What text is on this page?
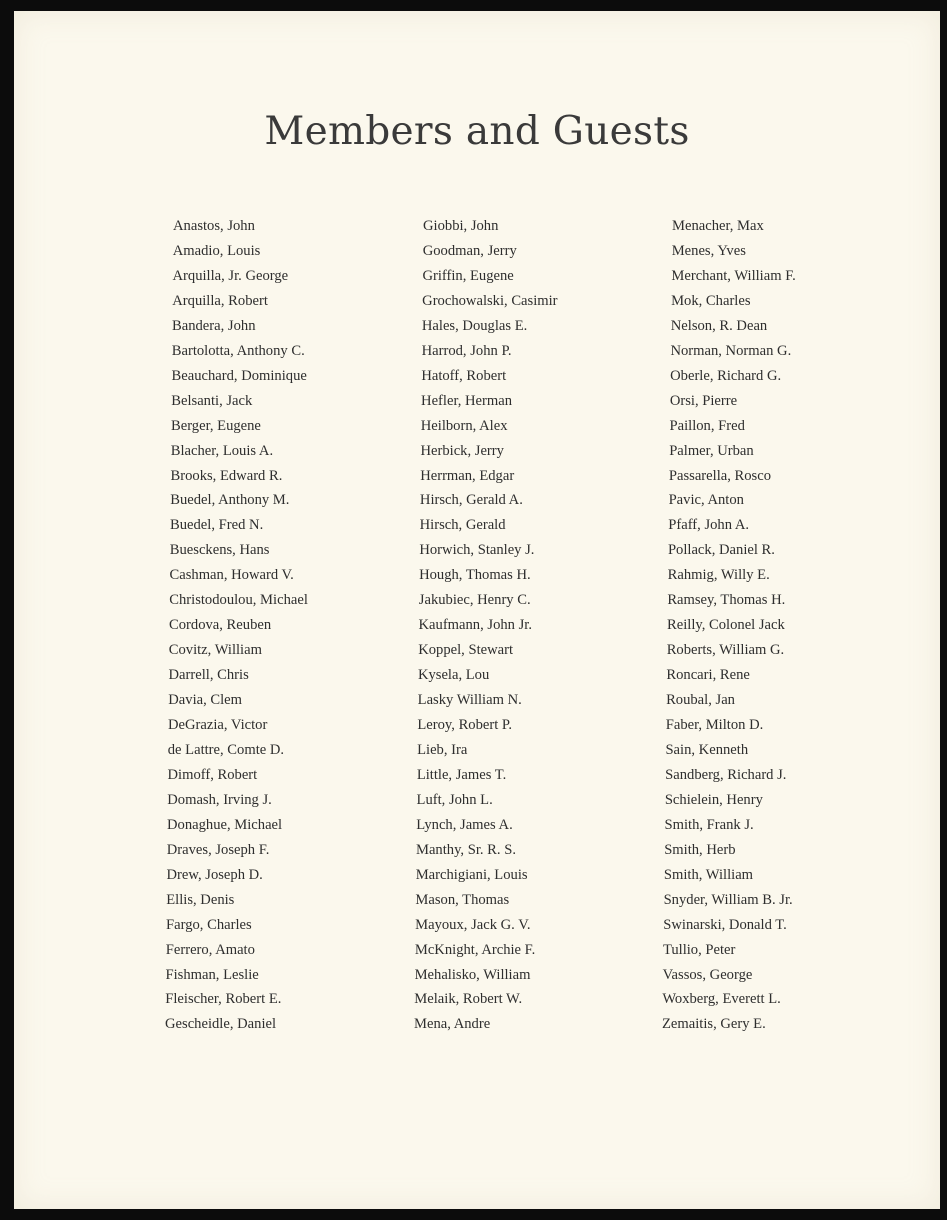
Members and Guests
Anastos, John
Amadio, Louis
Arquilla, Jr. George
Arquilla, Robert
Bandera, John
Bartolotta, Anthony C.
Beauchard, Dominique
Belsanti, Jack
Berger, Eugene
Blacher, Louis A.
Brooks, Edward R.
Buedel, Anthony M.
Buedel, Fred N.
Buesckens, Hans
Cashman, Howard V.
Christodoulou, Michael
Cordova, Reuben
Covitz, William
Darrell, Chris
Davia, Clem
DeGrazia, Victor
de Lattre, Comte D.
Dimoff, Robert
Domash, Irving J.
Donaghue, Michael
Draves, Joseph F.
Drew, Joseph D.
Ellis, Denis
Fargo, Charles
Ferrero, Amato
Fishman, Leslie
Fleischer, Robert E.
Gescheidle, Daniel
Giobbi, John
Goodman, Jerry
Griffin, Eugene
Grochowalski, Casimir
Hales, Douglas E.
Harrod, John P.
Hatoff, Robert
Hefler, Herman
Heilborn, Alex
Herbick, Jerry
Herrman, Edgar
Hirsch, Gerald A.
Hirsch, Gerald
Horwich, Stanley J.
Hough, Thomas H.
Jakubiec, Henry C.
Kaufmann, John Jr.
Koppel, Stewart
Kysela, Lou
Lasky William N.
Leroy, Robert P.
Lieb, Ira
Little, James T.
Luft, John L.
Lynch, James A.
Manthy, Sr. R. S.
Marchigiani, Louis
Mason, Thomas
Mayoux, Jack G. V.
McKnight, Archie F.
Mehalisko, William
Melaik, Robert W.
Mena, Andre
Menacher, Max
Menes, Yves
Merchant, William F.
Mok, Charles
Nelson, R. Dean
Norman, Norman G.
Oberle, Richard G.
Orsi, Pierre
Paillon, Fred
Palmer, Urban
Passarella, Rosco
Pavic, Anton
Pfaff, John A.
Pollack, Daniel R.
Rahmig, Willy E.
Ramsey, Thomas H.
Reilly, Colonel Jack
Roberts, William G.
Roncari, Rene
Roubal, Jan
Faber, Milton D.
Sain, Kenneth
Sandberg, Richard J.
Schielein, Henry
Smith, Frank J.
Smith, Herb
Smith, William
Snyder, William B. Jr.
Swinarski, Donald T.
Tullio, Peter
Vassos, George
Woxberg, Everett L.
Zemaitis, Gery E.
